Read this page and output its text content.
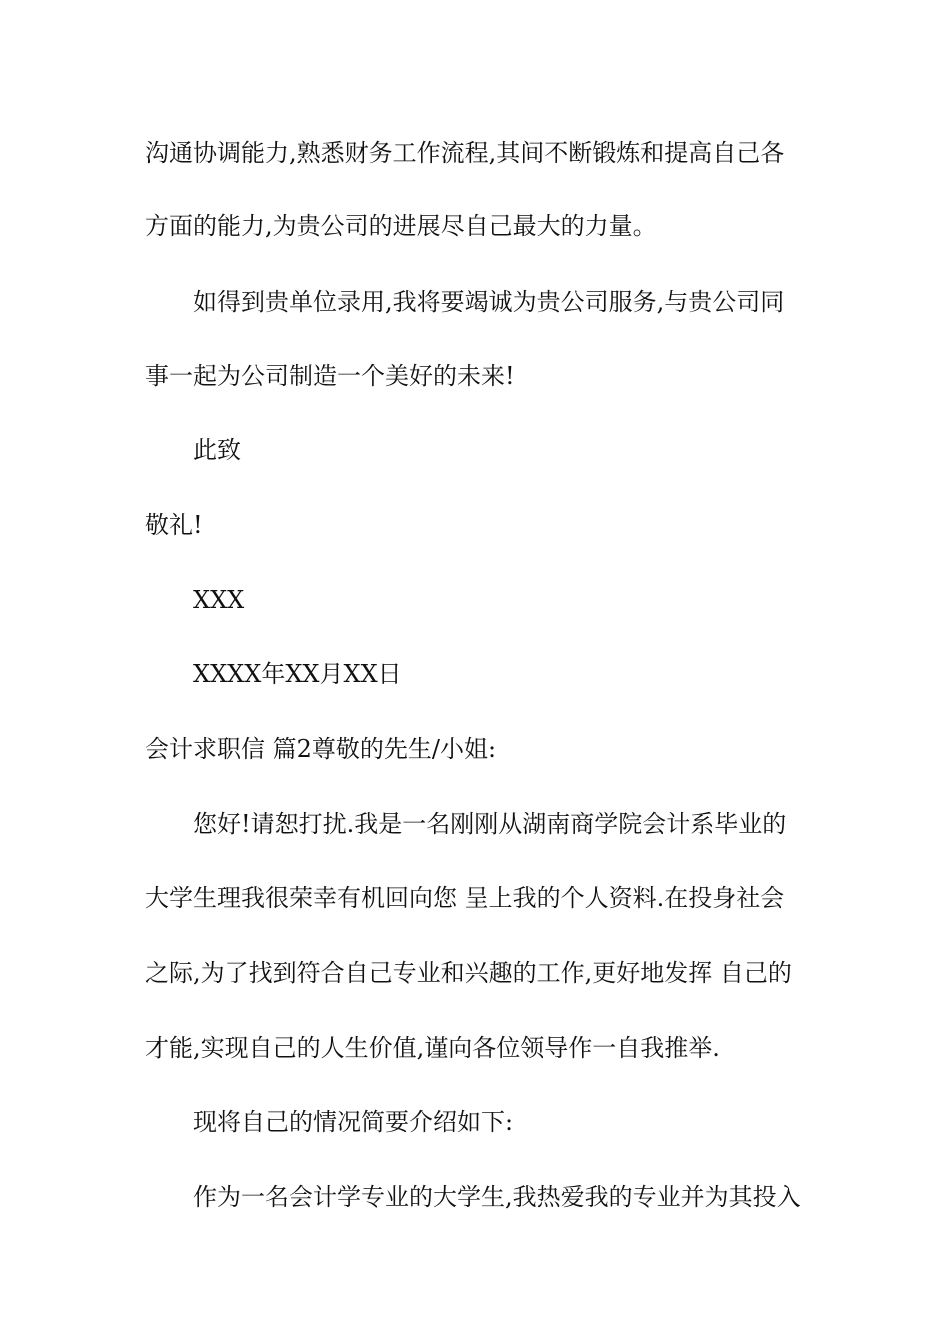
沟通协调能力,熟悉财务工作流程,其间不断锻炼和提高自己各
方面的能力,为贵公司的进展尽自己最大的力量。
如得到贵单位录用,我将要竭诚为贵公司服务,与贵公司同
事一起为公司制造一个美好的未来!
此致
敬礼!
XXX
XXXX年XX月XX日
会计求职信 篇2尊敬的先生/小姐:
您好!请恕打扰.我是一名刚刚从湖南商学院会计系毕业的
大学生理我很荣幸有机回向您 呈上我的个人资料.在投身社会
之际,为了找到符合自己专业和兴趣的工作,更好地发挥 自己的
才能,实现自己的人生价值,谨向各位领导作一自我推举.
现将自己的情况简要介绍如下:
作为一名会计学专业的大学生,我热爱我的专业并为其投入
